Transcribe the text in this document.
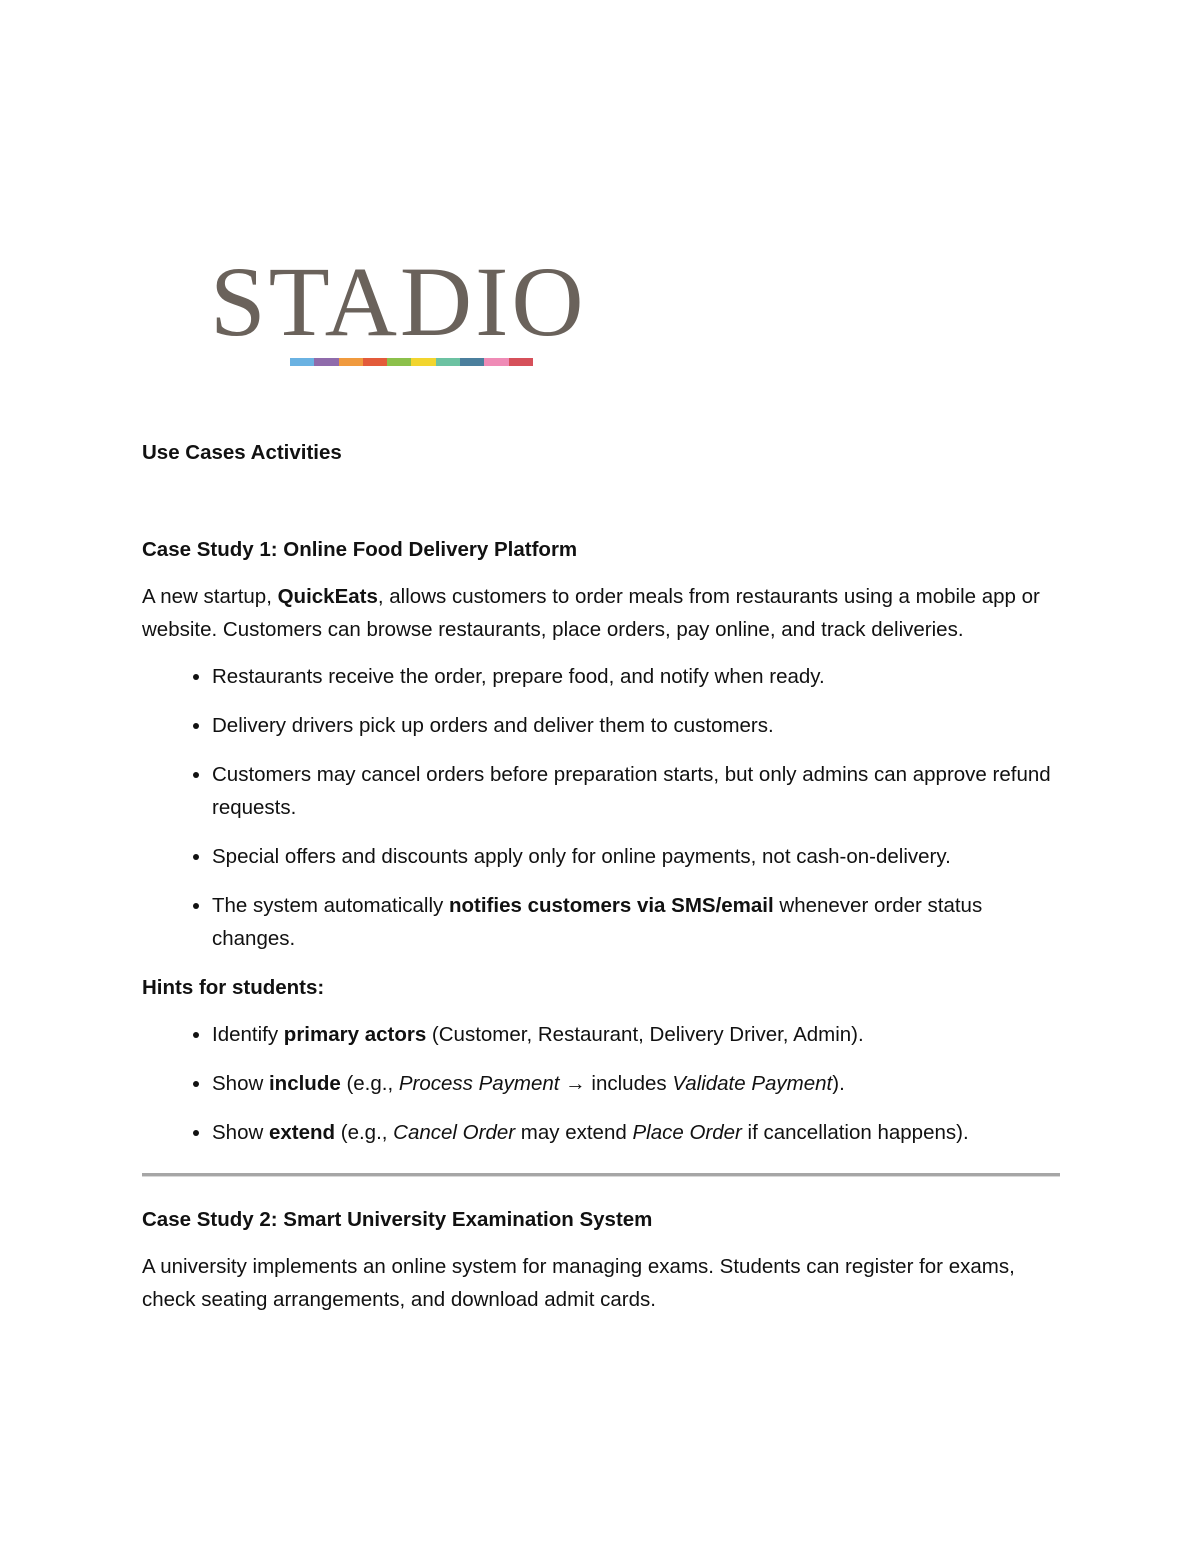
STADIO
Use Cases Activities
Case Study 1: Online Food Delivery Platform

A new startup, QuickEats, allows customers to order meals from restaurants using a mobile app or website. Customers can browse restaurants, place orders, pay online, and track deliveries.

• Restaurants receive the order, prepare food, and notify when ready.
• Delivery drivers pick up orders and deliver them to customers.
• Customers may cancel orders before preparation starts, but only admins can approve refund requests.
• Special offers and discounts apply only for online payments, not cash-on-delivery.
• The system automatically notifies customers via SMS/email whenever order status changes.
Hints for students:
• Identify primary actors (Customer, Restaurant, Delivery Driver, Admin).
• Show include (e.g., Process Payment → includes Validate Payment).
• Show extend (e.g., Cancel Order may extend Place Order if cancellation happens).
Case Study 2: Smart University Examination System

A university implements an online system for managing exams. Students can register for exams, check seating arrangements, and download admit cards.
